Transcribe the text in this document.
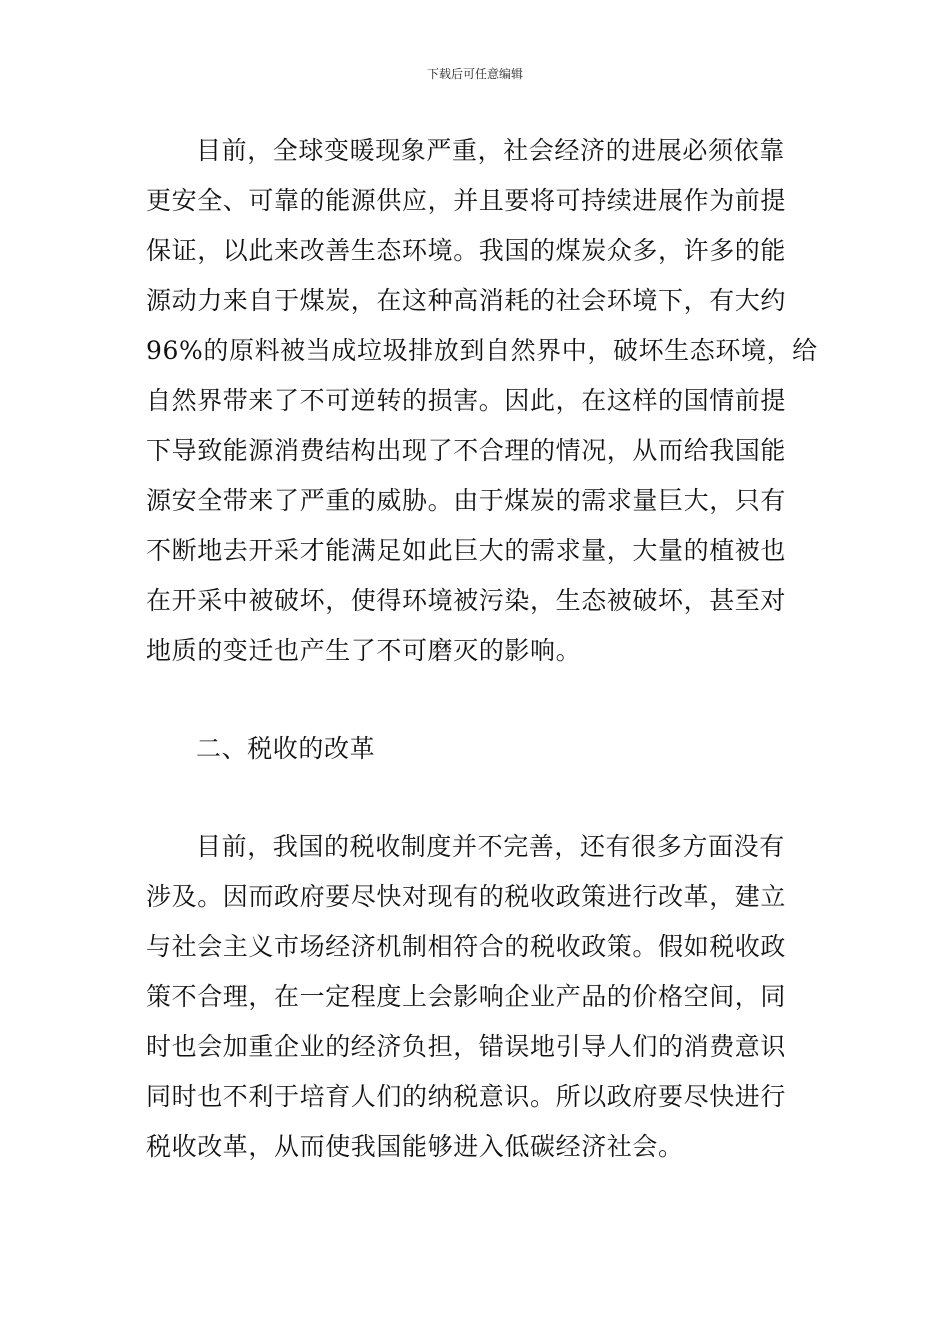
下载后可任意编辑
目前，全球变暖现象严重，社会经济的进展必须依靠
更安全、可靠的能源供应，并且要将可持续进展作为前提
保证，以此来改善生态环境。我国的煤炭众多，许多的能
源动力来自于煤炭，在这种高消耗的社会环境下，有大约
96%的原料被当成垃圾排放到自然界中，破坏生态环境，给
自然界带来了不可逆转的损害。因此，在这样的国情前提
下导致能源消费结构出现了不合理的情况，从而给我国能
源安全带来了严重的威胁。由于煤炭的需求量巨大，只有
不断地去开采才能满足如此巨大的需求量，大量的植被也
在开采中被破坏，使得环境被污染，生态被破坏，甚至对
地质的变迁也产生了不可磨灭的影响。
二、税收的改革
目前，我国的税收制度并不完善，还有很多方面没有
涉及。因而政府要尽快对现有的税收政策进行改革，建立
与社会主义市场经济机制相符合的税收政策。假如税收政
策不合理，在一定程度上会影响企业产品的价格空间，同
时也会加重企业的经济负担，错误地引导人们的消费意识
同时也不利于培育人们的纳税意识。所以政府要尽快进行
税收改革，从而使我国能够进入低碳经济社会。
